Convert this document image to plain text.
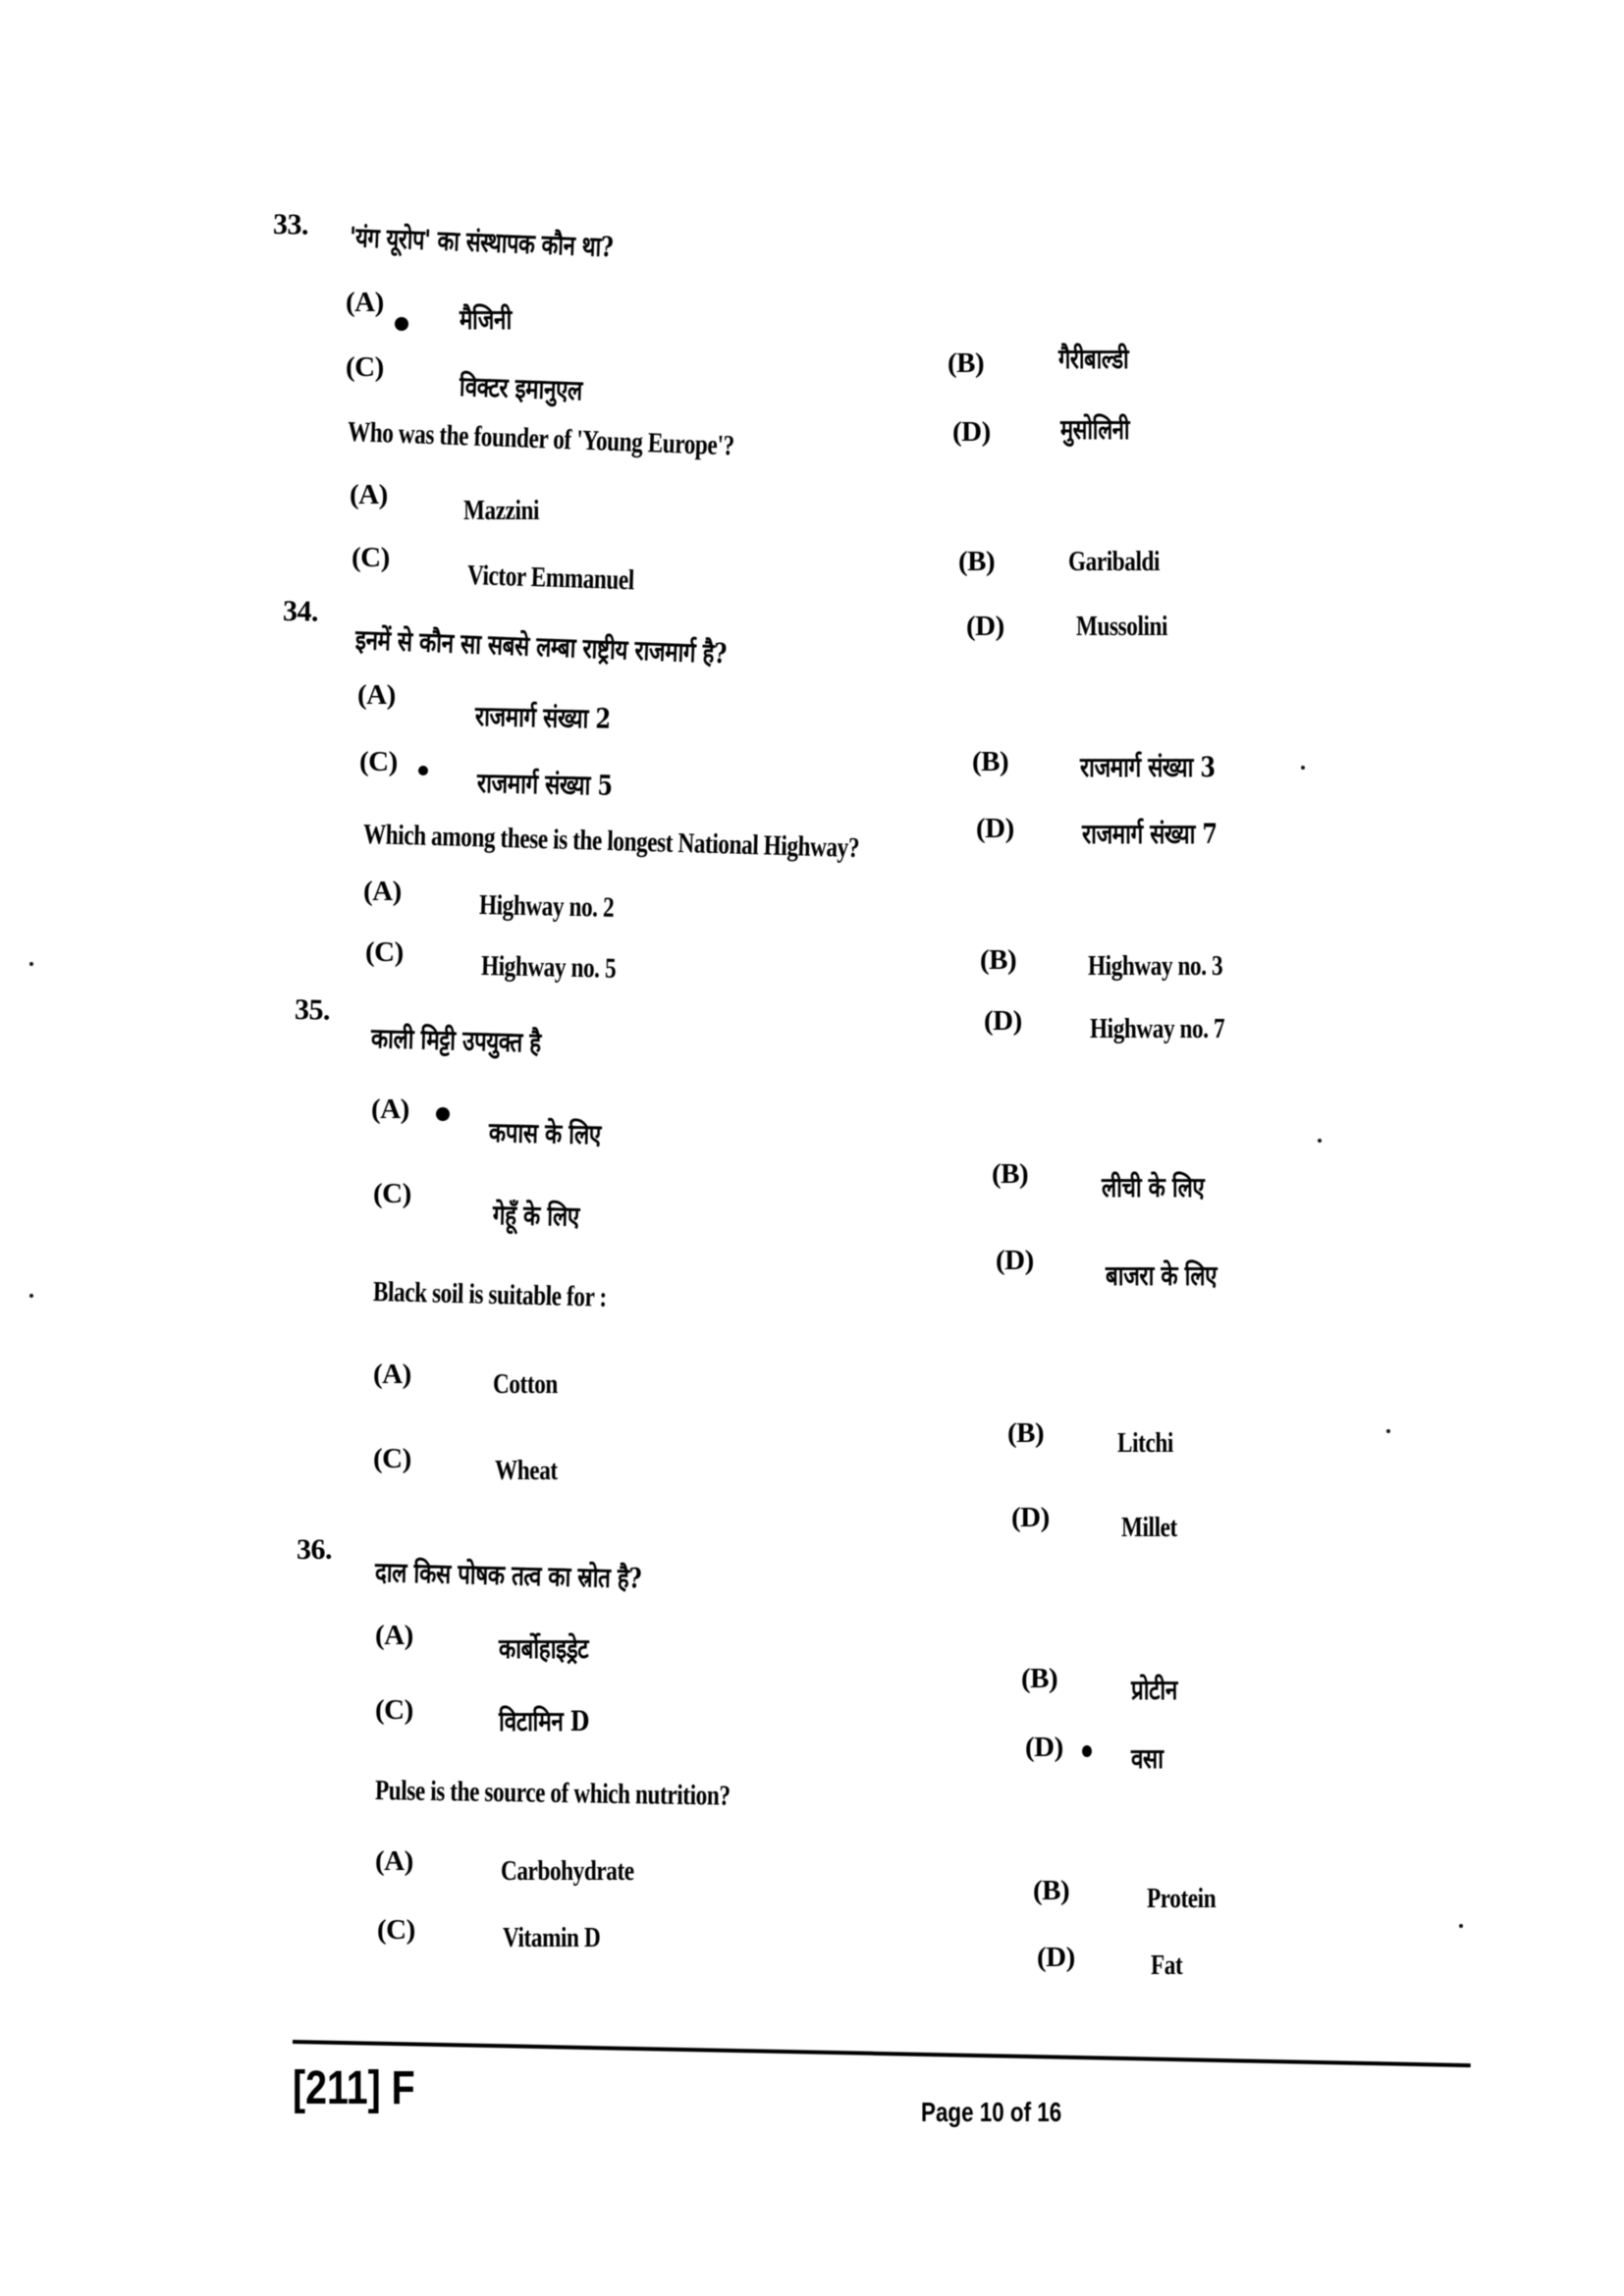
33. 'यंग यूरोप' का संस्थापक कौन था?
(A)
मैजिनी
(C)
विक्टर इमानुएल
(B)	गैरीबाल्डी
(D)	मुसोलिनी
Who was the founder of 'Young Europe'?
(A)	Mazzini
(C)
Victor Emmanuel	(B)	Garibaldi
(D)	Mussolini
34.
इनमें से कौन सा सबसे लम्बा राष्ट्रीय राजमार्ग है?
(A)
राजमार्ग संख्या 2
(C)
राजमार्ग संख्या 5
(B)	राजमार्ग संख्या 3
(D) राजमार्ग संख्या 7
Which among these is the longest National Highway?
(A)	Highway no. 2
(C)	Highway no. 5	(B)	Highway no. 3
(D) Highway no. 7
35.
काली मिट्टी उपयुक्त है
(A)
कपास के लिए
(C)
गेहूँ के लिए
(B)	लीची के लिए
(D)	बाजरा के लिए
Black soil is suitable for :
(A)	Cotton
(C)	Wheat
(B)	Litchi
(D)	Millet
36.
दाल किस पोषक तत्व का स्रोत है?
(A)	कार्बोहाइड्रेट
(C)	विटामिन D
(B)	प्रोटीन
(D) वसा
Pulse is the source of which nutrition?
(A)	Carbohydrate
(C)	Vitamin D
(B)	Protein
(D)	Fat
[211] F	Page 10 of 16
